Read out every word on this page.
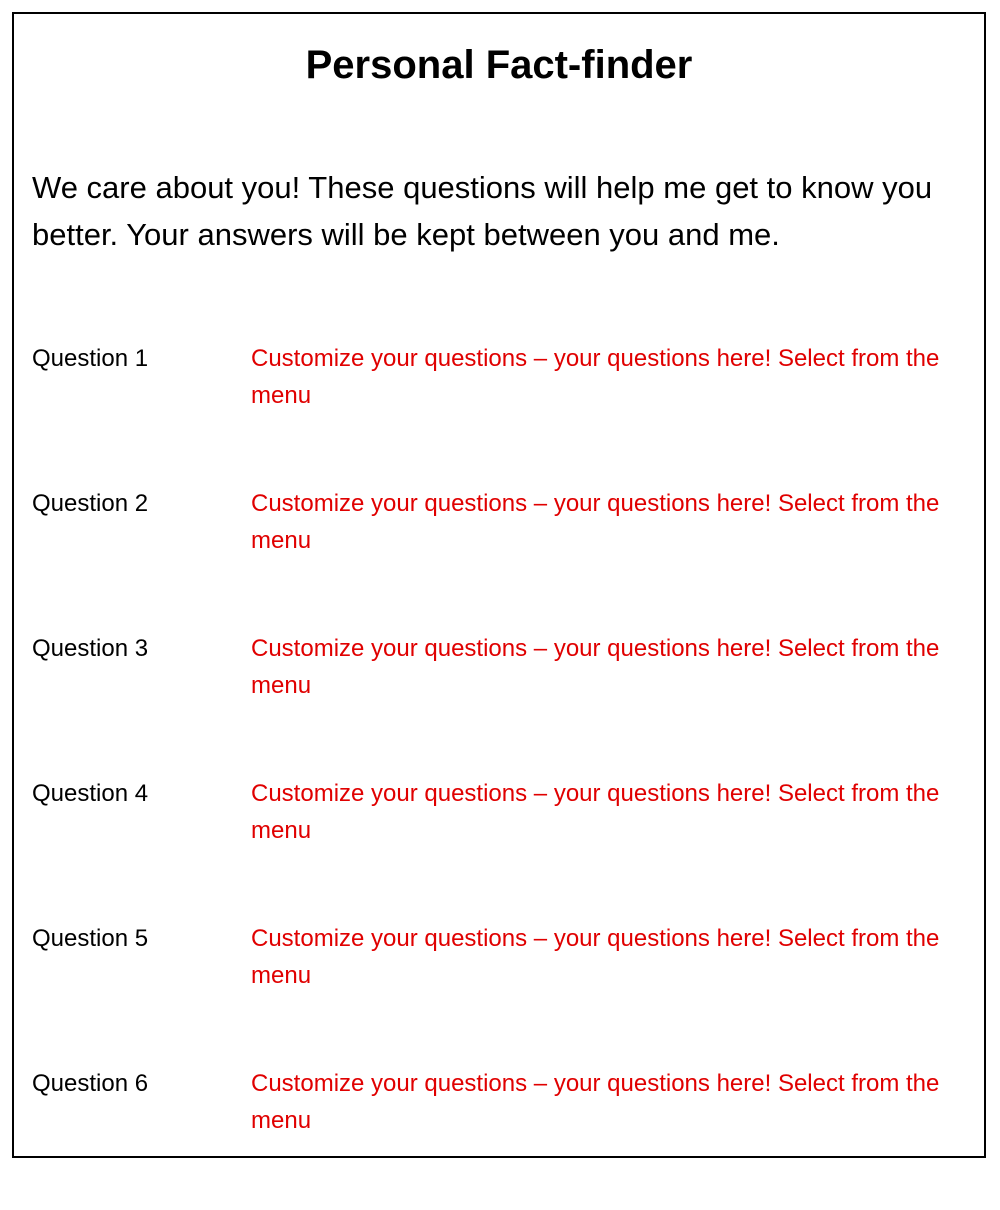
Personal Fact-finder

We care about you! These questions will help me get to know you better. Your answers will be kept between you and me.

Question 1	Customize your questions – your questions here! Select from the menu
Question 2	Customize your questions – your questions here! Select from the menu
Question 3	Customize your questions – your questions here! Select from the menu
Question 4	Customize your questions – your questions here! Select from the menu
Question 5	Customize your questions – your questions here! Select from the menu
Question 6	Customize your questions – your questions here! Select from the menu
